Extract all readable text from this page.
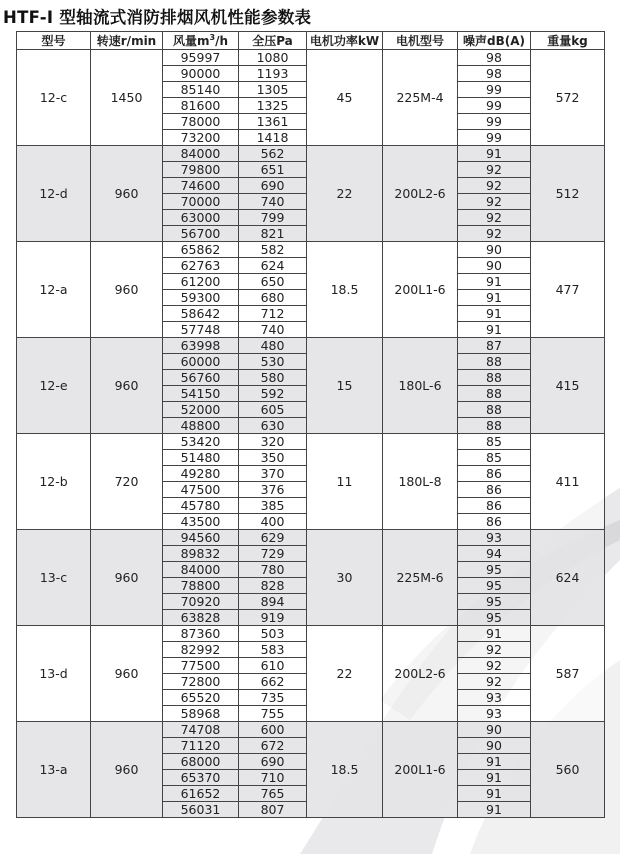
HTF-I 型轴流式消防排烟风机性能参数表
型号	转速r/min	风量$m^3/h$	全压Pa	电机功率kW	电机型号	噪声dB(A)	重量kg
12-c	1450	95997	1080	45	225M-4	98	572
		90000	1193			98	
		85140	1305			99	
		81600	1325			99	
		78000	1361			99	
		73200	1418			99	
12-d	960	84000	562	22	200L2-6	91	512
		79800	651			92	
		74600	690			92	
		70000	740			92	
		63000	799			92	
		56700	821			92	
12-a	960	65862	582	18.5	200L1-6	90	477
		62763	624			90	
		61200	650			91	
		59300	680			91	
		58642	712			91	
		57748	740			91	
12-e	960	63998	480	15	180L-6	87	415
		60000	530			88	
		56760	580			88	
		54150	592			88	
		52000	605			88	
		48800	630			88	
12-b	720	53420	320	11	180L-8	85	411
		51480	350			85	
		49280	370			86	
		47500	376			86	
		45780	385			86	
		43500	400			86	
13-c	960	94560	629	30	225M-6	93	624
		89832	729			94	
		84000	780			95	
		78800	828			95	
		70920	894			95	
		63828	919			95	
13-d	960	87360	503	22	200L2-6	91	587
		82992	583			92	
		77500	610			92	
		72800	662			92	
		65520	735			93	
		58968	755			93	
13-a	960	74708	600	18.5	200L1-6	90	560
		71120	672			90	
		68000	690			91	
		65370	710			91	
		61652	765			91	
		56031	807			91	
